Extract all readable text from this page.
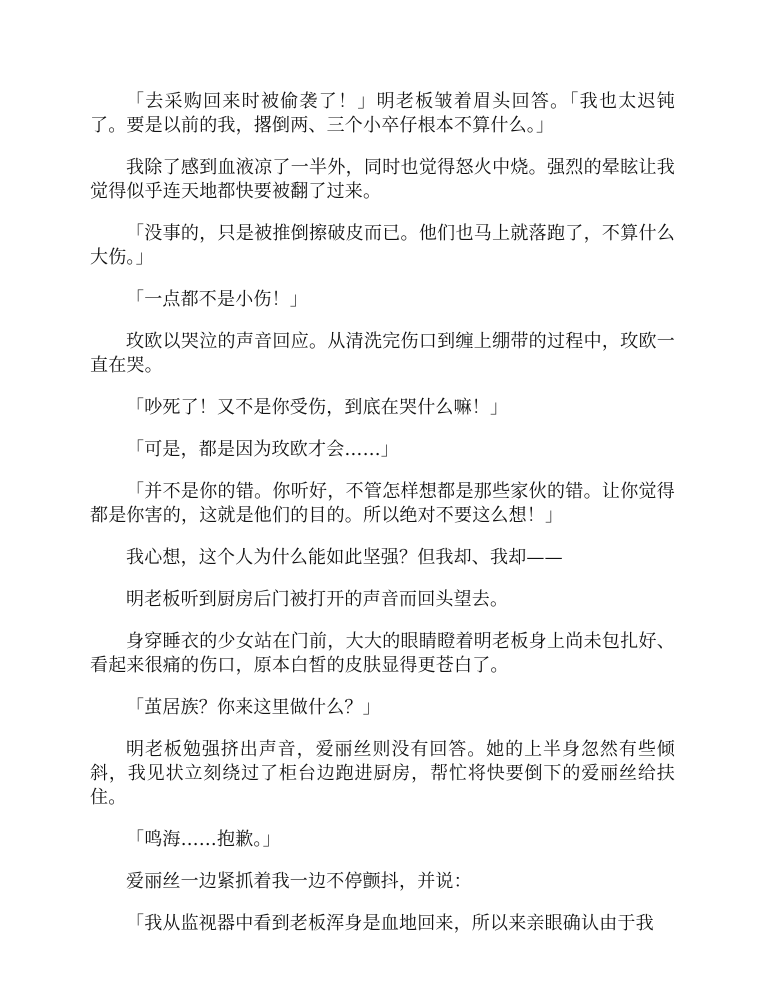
「去采购回来时被偷袭了！」明老板皱着眉头回答。「我也太迟钝了。要是以前的我，撂倒两、三个小卒仔根本不算什么。」

我除了感到血液凉了一半外，同时也觉得怒火中烧。强烈的晕眩让我觉得似乎连天地都快要被翻了过来。

「没事的，只是被推倒擦破皮而已。他们也马上就落跑了，不算什么大伤。」

「一点都不是小伤！」

玫欧以哭泣的声音回应。从清洗完伤口到缠上绷带的过程中，玫欧一直在哭。

「吵死了！又不是你受伤，到底在哭什么嘛！」

「可是，都是因为玫欧才会……」

「并不是你的错。你听好，不管怎样想都是那些家伙的错。让你觉得都是你害的，这就是他们的目的。所以绝对不要这么想！」

我心想，这个人为什么能如此坚强？但我却、我却——

明老板听到厨房后门被打开的声音而回头望去。

身穿睡衣的少女站在门前，大大的眼睛瞪着明老板身上尚未包扎好、看起来很痛的伤口，原本白皙的皮肤显得更苍白了。

「茧居族？你来这里做什么？」

明老板勉强挤出声音，爱丽丝则没有回答。她的上半身忽然有些倾斜，我见状立刻绕过了柜台边跑进厨房，帮忙将快要倒下的爱丽丝给扶住。

「鸣海……抱歉。」

爱丽丝一边紧抓着我一边不停颤抖，并说：

「我从监视器中看到老板浑身是血地回来，所以来亲眼确认由于我
